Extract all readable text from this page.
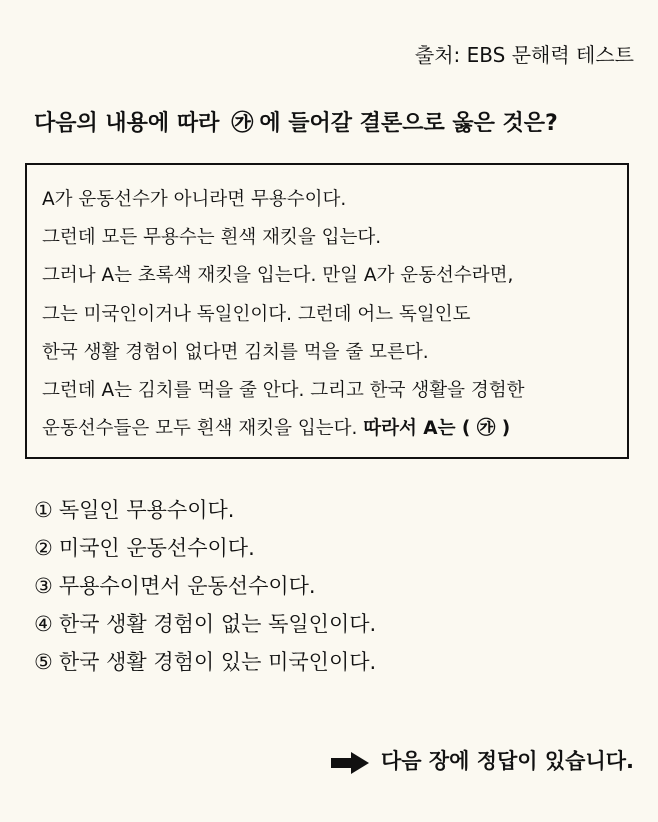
출처: EBS 문해력 테스트
다음의 내용에 따라 ㉮ 에 들어갈 결론으로 옳은 것은?
A가 운동선수가 아니라면 무용수이다.
그런데 모든 무용수는 흰색 재킷을 입는다.
그러나 A는 초록색 재킷을 입는다. 만일 A가 운동선수라면,
그는 미국인이거나 독일인이다. 그런데 어느 독일인도
한국 생활 경험이 없다면 김치를 먹을 줄 모른다.
그런데 A는 김치를 먹을 줄 안다. 그리고 한국 생활을 경험한
운동선수들은 모두 흰색 재킷을 입는다. 따라서 A는 ( ㉮ )
① 독일인 무용수이다.
② 미국인 운동선수이다.
③ 무용수이면서 운동선수이다.
④ 한국 생활 경험이 없는 독일인이다.
⑤ 한국 생활 경험이 있는 미국인이다.
다음 장에 정답이 있습니다.
